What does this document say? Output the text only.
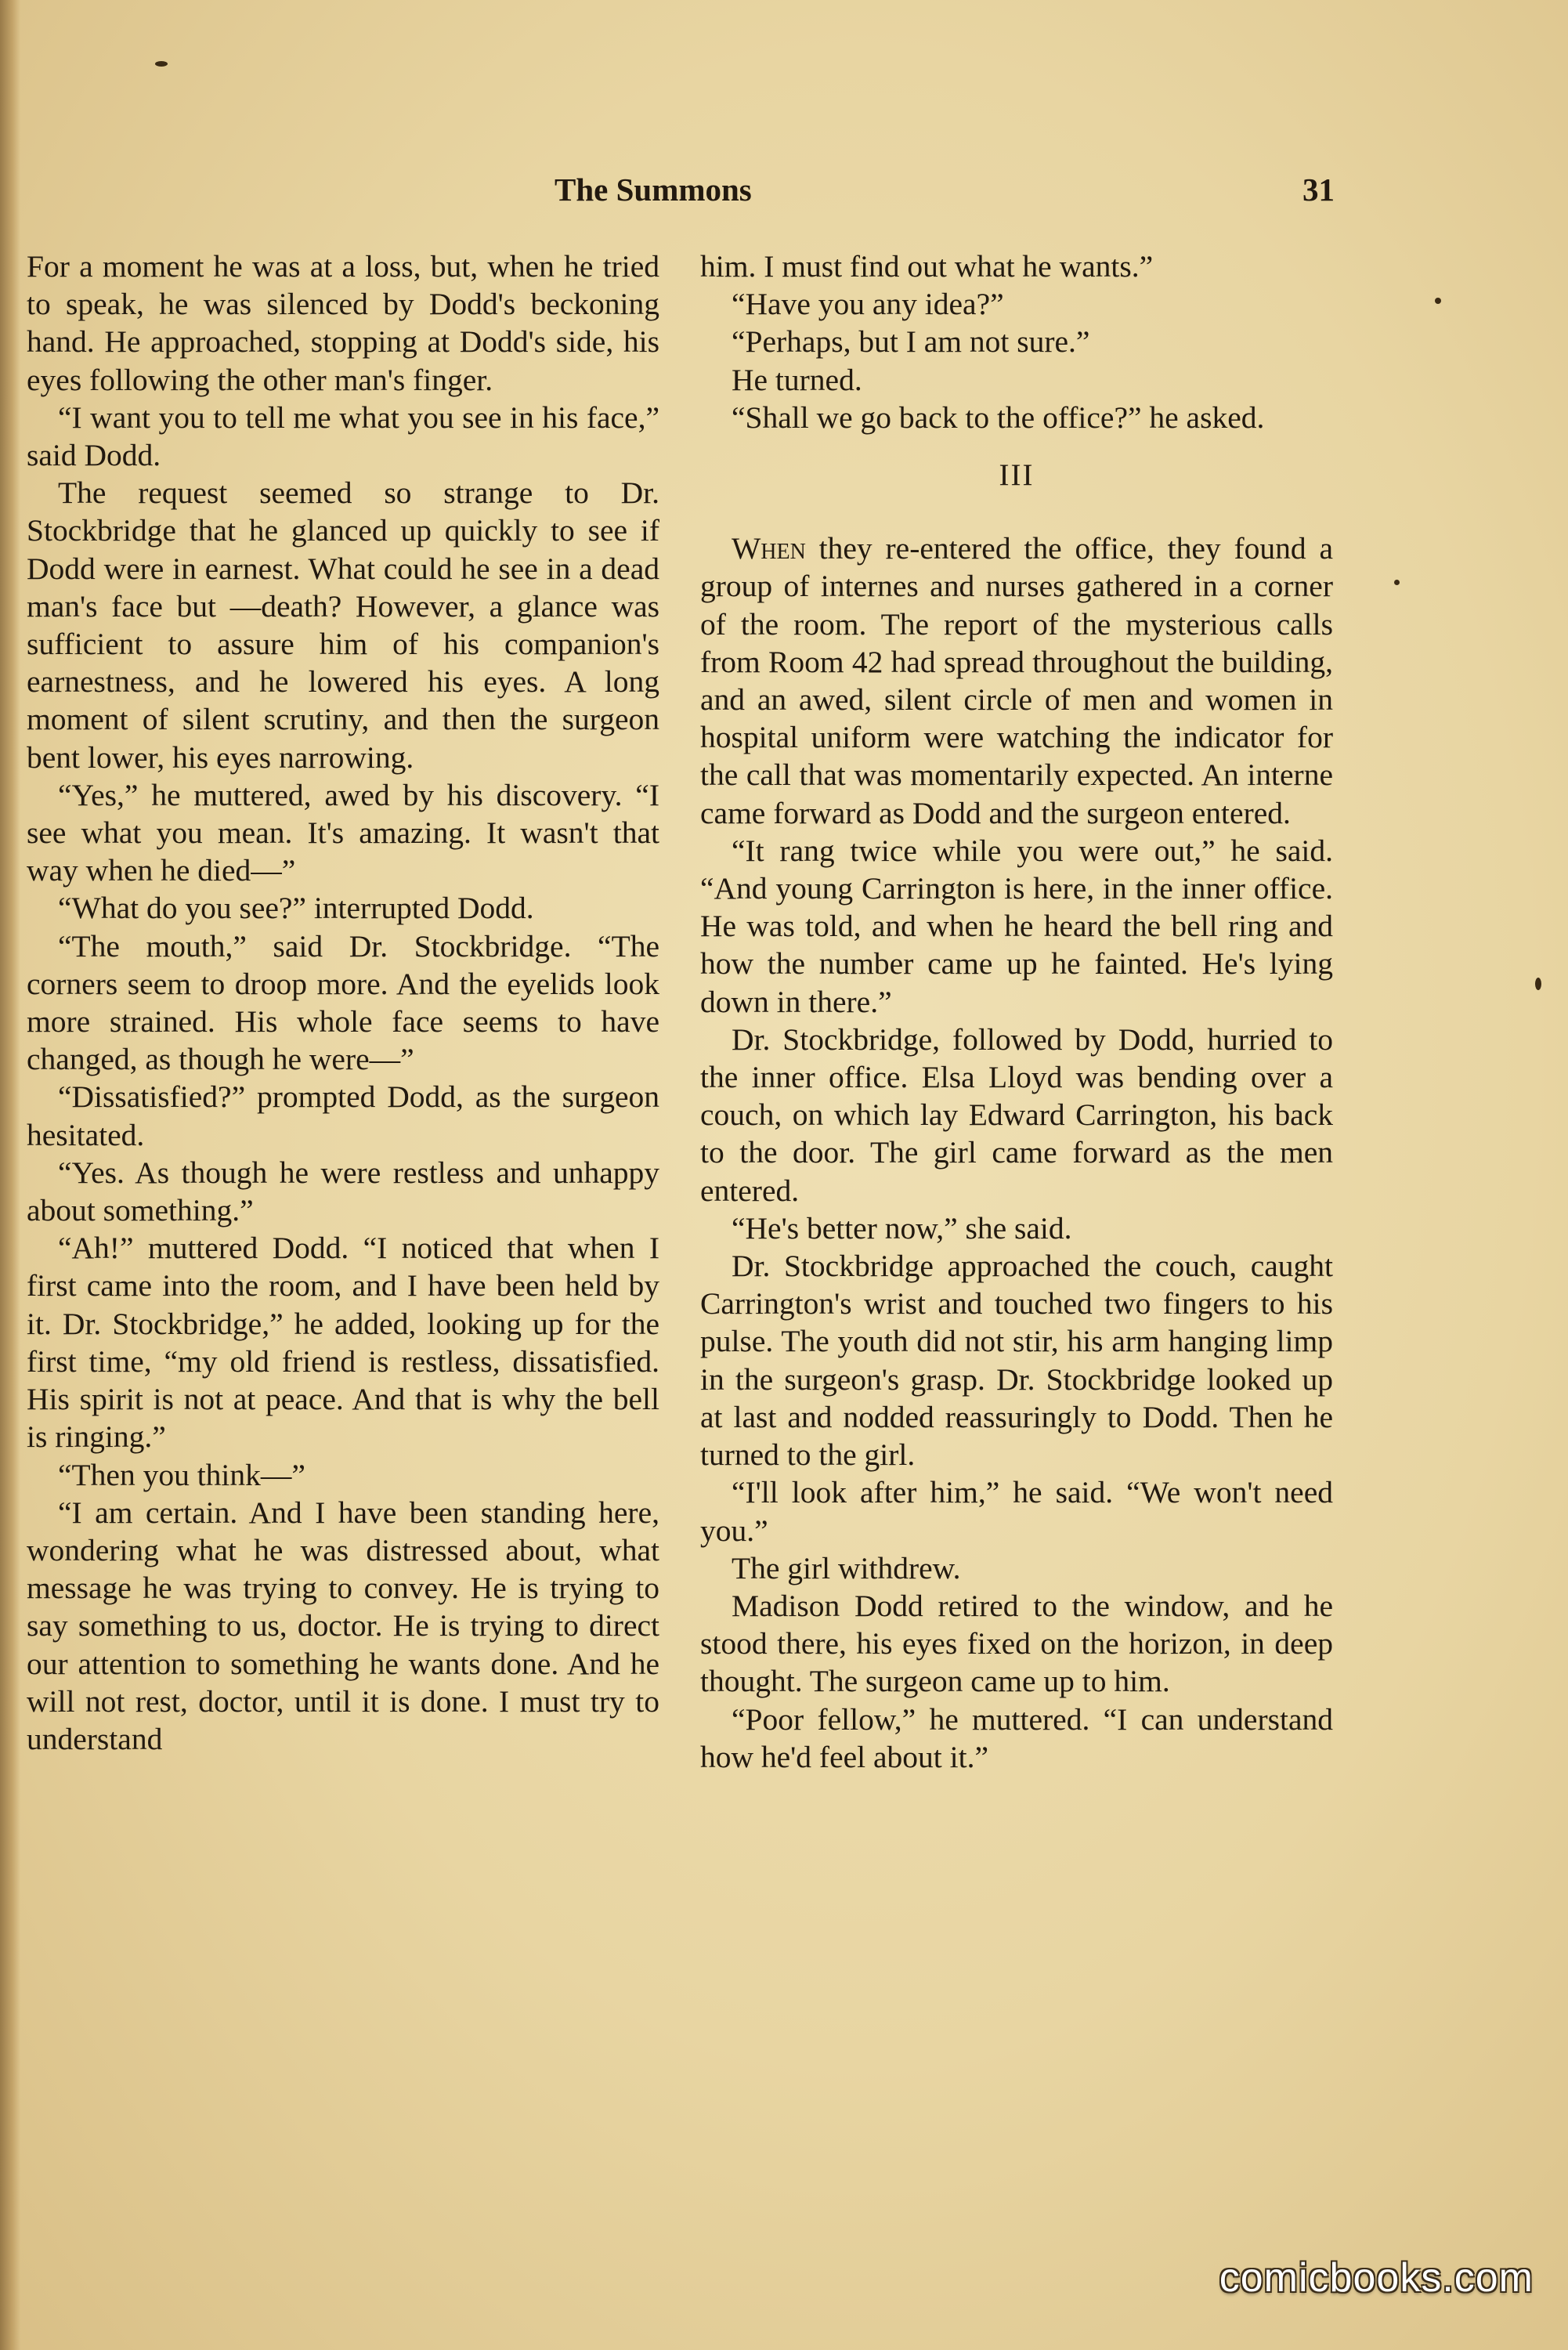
The Summons	31

For a moment he was at a loss, but, when he tried to speak, he was silenced by Dodd's beckoning hand. He approached, stopping at Dodd's side, his eyes following the other man's finger.

“I want you to tell me what you see in his face,” said Dodd.

The request seemed so strange to Dr. Stockbridge that he glanced up quickly to see if Dodd were in earnest. What could he see in a dead man's face but —death? However, a glance was sufficient to assure him of his companion's earnestness, and he lowered his eyes. A long moment of silent scrutiny, and then the surgeon bent lower, his eyes narrowing.

“Yes,” he muttered, awed by his discovery. “I see what you mean. It's amazing. It wasn't that way when he died—”

“What do you see?” interrupted Dodd.

“The mouth,” said Dr. Stockbridge. “The corners seem to droop more. And the eyelids look more strained. His whole face seems to have changed, as though he were—”

“Dissatisfied?” prompted Dodd, as the surgeon hesitated.

“Yes. As though he were restless and unhappy about something.”

“Ah!” muttered Dodd. “I noticed that when I first came into the room, and I have been held by it. Dr. Stockbridge,” he added, looking up for the first time, “my old friend is restless, dissatisfied. His spirit is not at peace. And that is why the bell is ringing.”

“Then you think—”

“I am certain. And I have been standing here, wondering what he was distressed about, what message he was trying to convey. He is trying to say something to us, doctor. He is trying to direct our attention to something he wants done. And he will not rest, doctor, until it is done. I must try to understand

him. I must find out what he wants.”

“Have you any idea?”

“Perhaps, but I am not sure.”

He turned.

“Shall we go back to the office?” he asked.

III

When they re-entered the office, they found a group of internes and nurses gathered in a corner of the room. The report of the mysterious calls from Room 42 had spread throughout the building, and an awed, silent circle of men and women in hospital uniform were watching the indicator for the call that was momentarily expected. An interne came forward as Dodd and the surgeon entered.

“It rang twice while you were out,” he said. “And young Carrington is here, in the inner office. He was told, and when he heard the bell ring and how the number came up he fainted. He's lying down in there.”

Dr. Stockbridge, followed by Dodd, hurried to the inner office. Elsa Lloyd was bending over a couch, on which lay Edward Carrington, his back to the door. The girl came forward as the men entered.

“He's better now,” she said.

Dr. Stockbridge approached the couch, caught Carrington's wrist and touched two fingers to his pulse. The youth did not stir, his arm hanging limp in the surgeon's grasp. Dr. Stockbridge looked up at last and nodded reassuringly to Dodd. Then he turned to the girl.

“I'll look after him,” he said. “We won't need you.”

The girl withdrew.

Madison Dodd retired to the window, and he stood there, his eyes fixed on the horizon, in deep thought. The surgeon came up to him.

“Poor fellow,” he muttered. “I can understand how he'd feel about it.”

comicbooks.com
